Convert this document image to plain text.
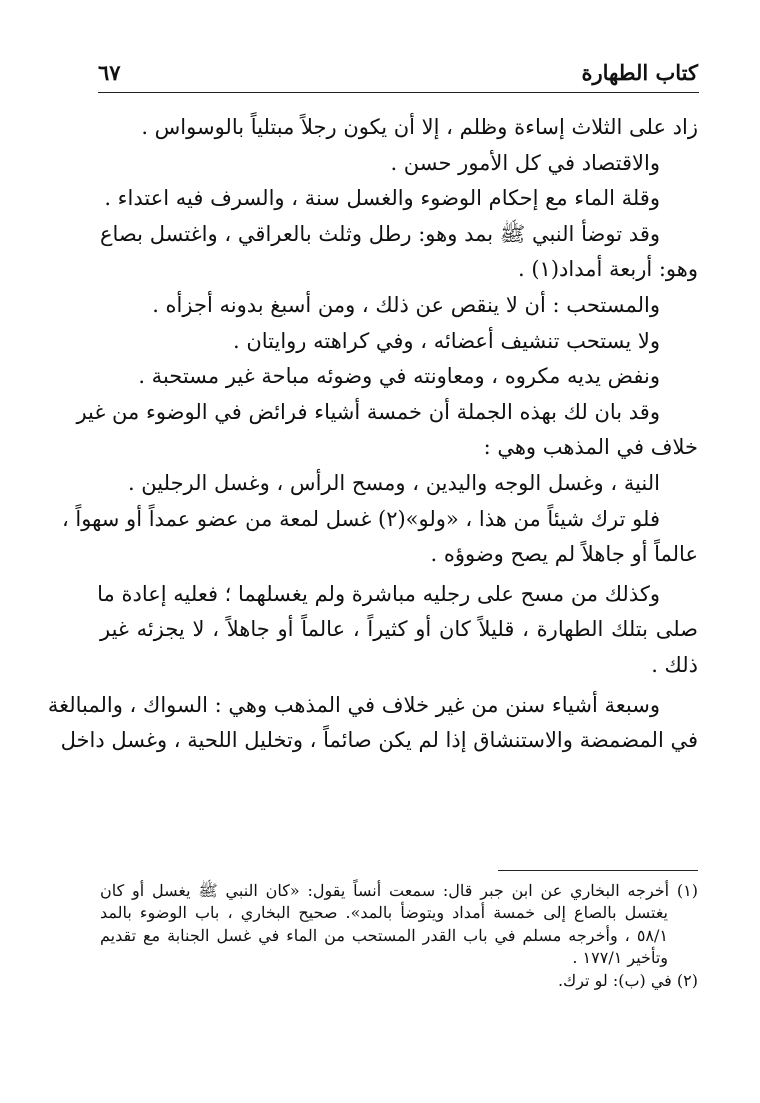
كتاب الطهارة
٦٧
زاد على الثلاث إساءة وظلم ، إلا أن يكون رجلاً مبتلياً بالوسواس .
والاقتصاد في كل الأمور حسن .
وقلة الماء مع إحكام الوضوء والغسل سنة ، والسرف فيه اعتداء .
وقد توضأ النبي ﷺ بمد وهو: رطل وثلث بالعراقي ، واغتسل بصاع
وهو: أربعة أمداد(١) .
والمستحب : أن لا ينقص عن ذلك ، ومن أسبغ بدونه أجزأه .
ولا يستحب تنشيف أعضائه ، وفي كراهته روايتان .
ونفض يديه مكروه ، ومعاونته في وضوئه مباحة غير مستحبة .
وقد بان لك بهذه الجملة أن خمسة أشياء فرائض في الوضوء من غير
خلاف في المذهب وهي :
النية ، وغسل الوجه واليدين ، ومسح الرأس ، وغسل الرجلين .
فلو ترك شيئاً من هذا ، «ولو»(٢) غسل لمعة من عضو عمداً أو سهواً ،
عالماً أو جاهلاً لم يصح وضوؤه .
وكذلك من مسح على رجليه مباشرة ولم يغسلهما ؛ فعليه إعادة ما
صلى بتلك الطهارة ، قليلاً كان أو كثيراً ، عالماً أو جاهلاً ، لا يجزئه غير
ذلك .
وسبعة أشياء سنن من غير خلاف في المذهب وهي : السواك ، والمبالغة
في المضمضة والاستنشاق إذا لم يكن صائماً ، وتخليل اللحية ، وغسل داخل
(١) أخرجه البخاري عن ابن جبر قال: سمعت أنساً يقول: «كان النبي ﷺ يغسل أو كان
يغتسل بالصاع إلى خمسة أمداد ويتوضأ بالمد». صحيح البخاري ، باب الوضوء بالمد
٥٨/١ ، وأخرجه مسلم في باب القدر المستحب من الماء في غسل الجنابة مع تقديم
وتأخير ١٧٧/١ .
(٢) في (ب): لو ترك.
